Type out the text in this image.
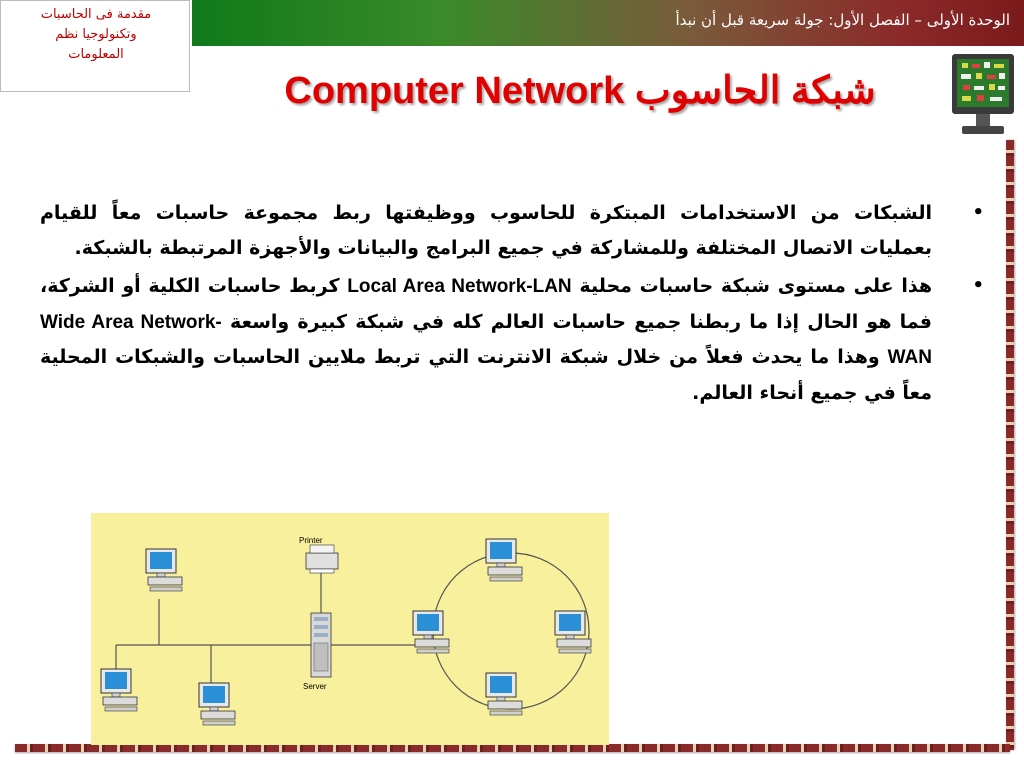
الوحدة الأولى – الفصل الأول: جولة سريعة قبل أن نبدأ
مقدمة فى الحاسبات
وتكنولوجيا نظم
المعلومات
شبكة الحاسوب Computer Network

•
الشبكات من الاستخدامات المبتكرة للحاسوب ووظيفتها ربط مجموعة حاسبات معاً للقيام بعمليات الاتصال المختلفة وللمشاركة في جميع البرامج والبيانات والأجهزة المرتبطة بالشبكة.

•
هذا على مستوى شبكة حاسبات محلية Local Area Network-LAN كربط حاسبات الكلية أو الشركة، فما هو الحال إذا ما ربطنا جميع حاسبات العالم كله في شبكة كبيرة واسعة Wide Area Network-WAN وهذا ما يحدث فعلاً من خلال شبكة الانترنت التي تربط ملايين الحاسبات والشبكات المحلية معاً في جميع أنحاء العالم.

Printer
Server
